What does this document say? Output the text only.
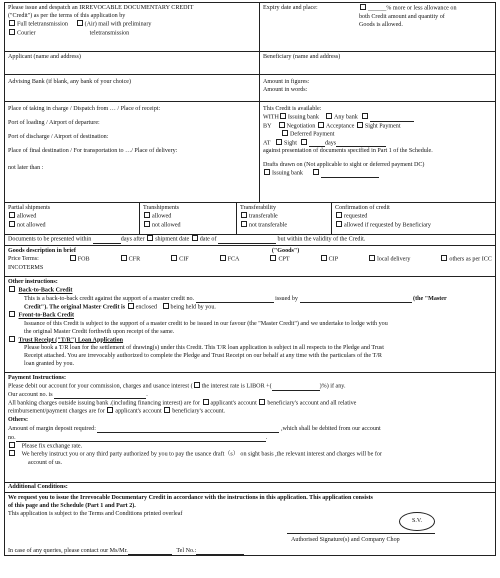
Please issue and despatch an IRREVOCABLE DOCUMENTARY CREDIT
("Credit") as per the terms of this application by
Full teletransmission	(Air) mail with preliminary
Courier	teletransmission
Expiry date and place:	______% more or less allowance on
both Credit amount and quantity of
Goods is allowed.
Applicant (name and address)	Beneficiary (name and address)
Advising Bank (if blank, any bank of your choice)	Amount in figures:
Amount in words:
Place of taking in charge / Dispatch from … / Place of receipt:
Port of loading / Airport of departure:
Port of discharge / Airport of destination:
Place of final destination / For transportation to …/ Place of delivery:
not later than :
This Credit is available:
WITH Issuing bank Any bank
BY Negotiation Acceptance Sight Payment
Deferred Payment
AT Sight	days
against presentation of documents specified in Part 1 of the Schedule.
Drafts drawn on (Not applicable to sight or deferred payment DC)
Issuing bank
Partial shipments
allowed
not allowed
Transhipments
allowed
not allowed
Transferability
transferable
not transferable
Confirmation of credit
requested
allowed if requested by Beneficiary
Documents to be presented within	days after shipment date date of	but within the validity of the Credit.
Goods description in brief	("Goods")
Price Terms:	FOB	CFR	CIF	FCA	CPT	CIP	local delivery	others as per ICC
INCOTERMS
Other instructions:
Back-to-Back Credit
This is a back-to-back credit against the support of a master credit no.	issued by	(the "Master
Credit"). The original Master Credit is enclosed being held by you.
Front-to-Back Credit
Issuance of this Credit is subject to the support of a master credit to be issued in our favour (the "Master Credit") and we undertake to lodge with you
the original Master Credit forthwith upon receipt of the same.
Trust Receipt ("T/R") Loan Application
Please book a T/R loan for the settlement of drawing(s) under this Credit. This T/R loan application is subject in all respects to the Pledge and Trust
Receipt attached. You are irrevocably authorized to complete the Pledge and Trust Receipt on our behalf at any time with the particulars of the T/R
loan granted by you.
Payment Instructions:
Please debit our account for your commission, charges and usance interest ( the interest rate is LIBOR +(	)%) if any.
Our account no. is	.
All banking charges outside issuing bank .(including financing interest) are for applicant's account beneficiary's account and all relative
reimbursement/payment charges are for applicant's account beneficiary's account.
Others:
Amount of margin deposit required:	,which shall be debited from our account
no.	.
Please fix exchange rate.
We hereby instruct you or any third party authorized by you to pay the usance draft（s） on sight basis ,the relevant interest and charges will be for
account of us.
Additional Conditions:
We request you to issue the Irrevocable Documentary Credit in accordance with the instructions in this application. This application consists
of this page and the Schedule (Part 1 and Part 2).
This application is subject to the Terms and Conditions printed overleaf
S.V.
Authorised Signature(s) and Company Chop
In case of any queries, please contact our Ms/Mr.	Tel No.:
